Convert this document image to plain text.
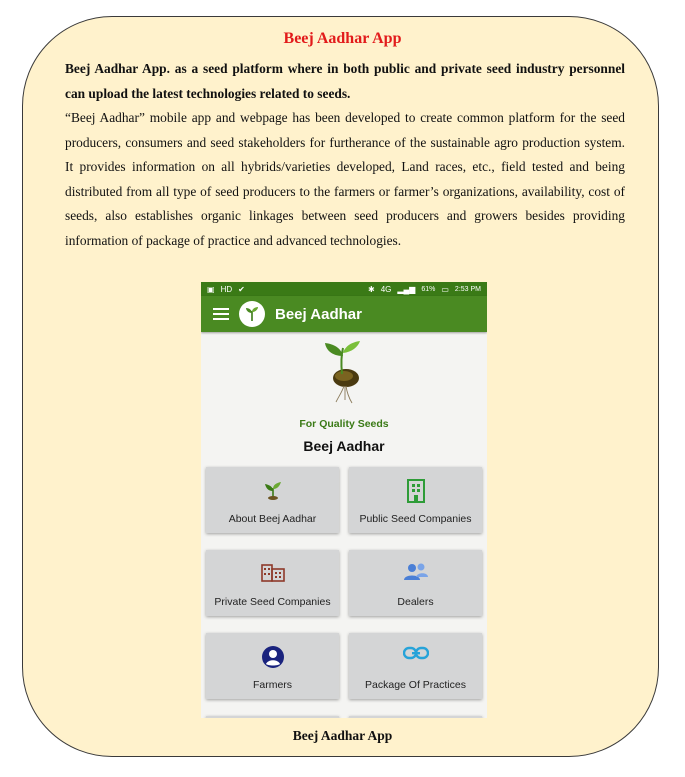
Beej Aadhar App

Beej Aadhar App. as a seed platform where in both public and private seed industry personnel can upload the latest technologies related to seeds.

“Beej Aadhar” mobile app and webpage has been developed to create common platform for the seed producers, consumers and seed stakeholders for furtherance of the sustainable agro production system. It provides information on all hybrids/varieties developed, Land races, etc., field tested and being distributed from all type of seed producers to the farmers or farmer’s organizations, availability, cost of seeds, also establishes organic linkages between seed producers and growers besides providing information of package of practice and advanced technologies.

▣ HD ✔	✱ 4G ▂▄▆ 61% ▭ 2:53 PM
Beej Aadhar
For Quality Seeds
Beej Aadhar
About Beej Aadhar	Public Seed Companies
Private Seed Companies	Dealers
Farmers	Package Of Practices
Beej Aadhar App
